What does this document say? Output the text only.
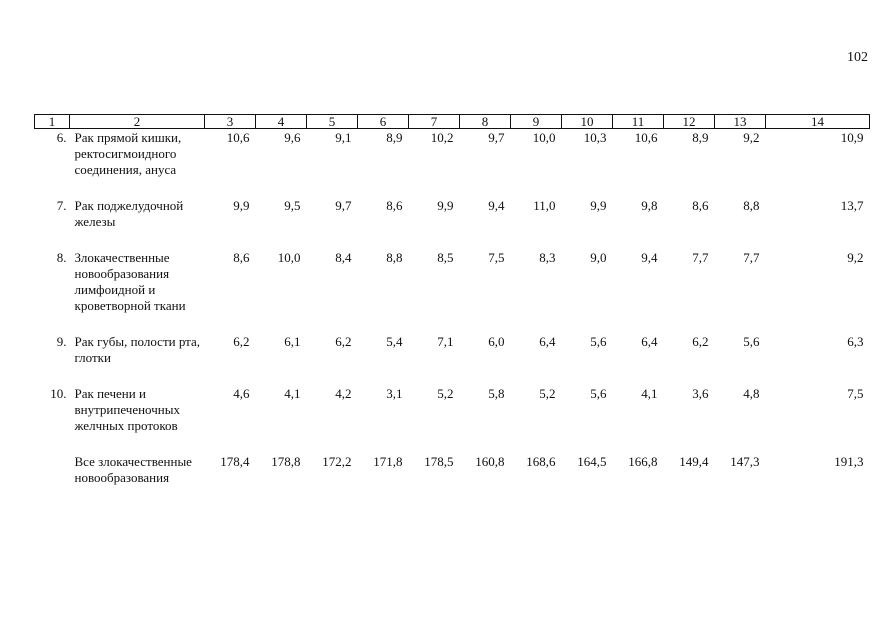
102
1	2	3	4	5	6	7	8	9	10	11	12	13	14
6.	Рак прямой кишки, ректосигмоидного соединения, ануса	10,6	9,6	9,1	8,9	10,2	9,7	10,0	10,3	10,6	8,9	9,2	10,9
7.	Рак поджелудочной железы	9,9	9,5	9,7	8,6	9,9	9,4	11,0	9,9	9,8	8,6	8,8	13,7
8.	Злокачественные новообразования лимфоидной и кроветворной ткани	8,6	10,0	8,4	8,8	8,5	7,5	8,3	9,0	9,4	7,7	7,7	9,2
9.	Рак губы, полости рта, глотки	6,2	6,1	6,2	5,4	7,1	6,0	6,4	5,6	6,4	6,2	5,6	6,3
10.	Рак печени и внутрипеченочных желчных протоков	4,6	4,1	4,2	3,1	5,2	5,8	5,2	5,6	4,1	3,6	4,8	7,5
	Все злокачественные новообразования	178,4	178,8	172,2	171,8	178,5	160,8	168,6	164,5	166,8	149,4	147,3	191,3
